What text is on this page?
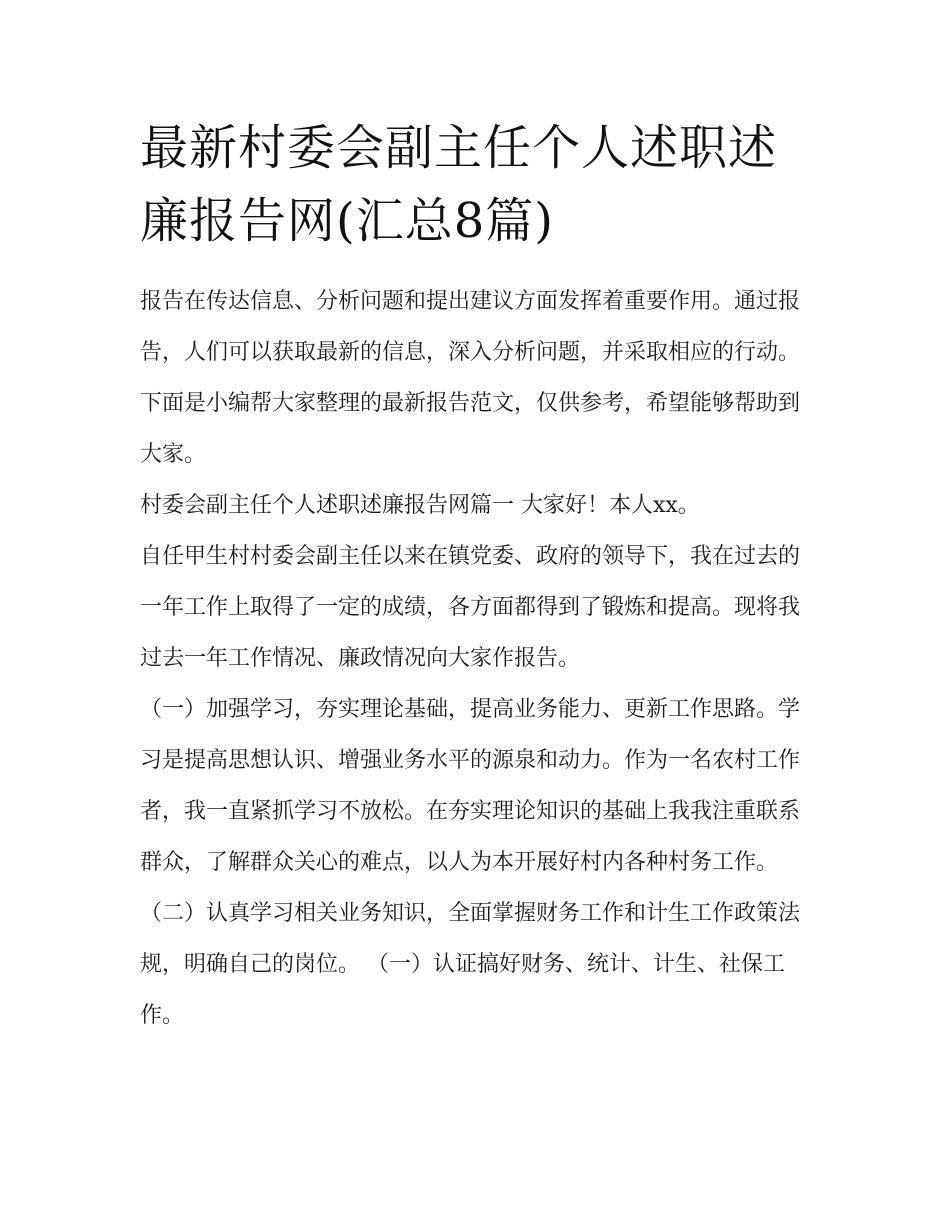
最新村委会副主任个人述职述廉报告网(汇总8篇)

报告在传达信息、分析问题和提出建议方面发挥着重要作用。通过报告，人们可以获取最新的信息，深入分析问题，并采取相应的行动。下面是小编帮大家整理的最新报告范文，仅供参考，希望能够帮助到大家。

村委会副主任个人述职述廉报告网篇一 大家好！本人xx。

自任甲生村村委会副主任以来在镇党委、政府的领导下，我在过去的一年工作上取得了一定的成绩，各方面都得到了锻炼和提高。现将我过去一年工作情况、廉政情况向大家作报告。

（一）加强学习，夯实理论基础，提高业务能力、更新工作思路。学习是提高思想认识、增强业务水平的源泉和动力。作为一名农村工作者，我一直紧抓学习不放松。在夯实理论知识的基础上我我注重联系群众，了解群众关心的难点，以人为本开展好村内各种村务工作。

（二）认真学习相关业务知识，全面掌握财务工作和计生工作政策法规，明确自己的岗位。 （一）认证搞好财务、统计、计生、社保工作。
